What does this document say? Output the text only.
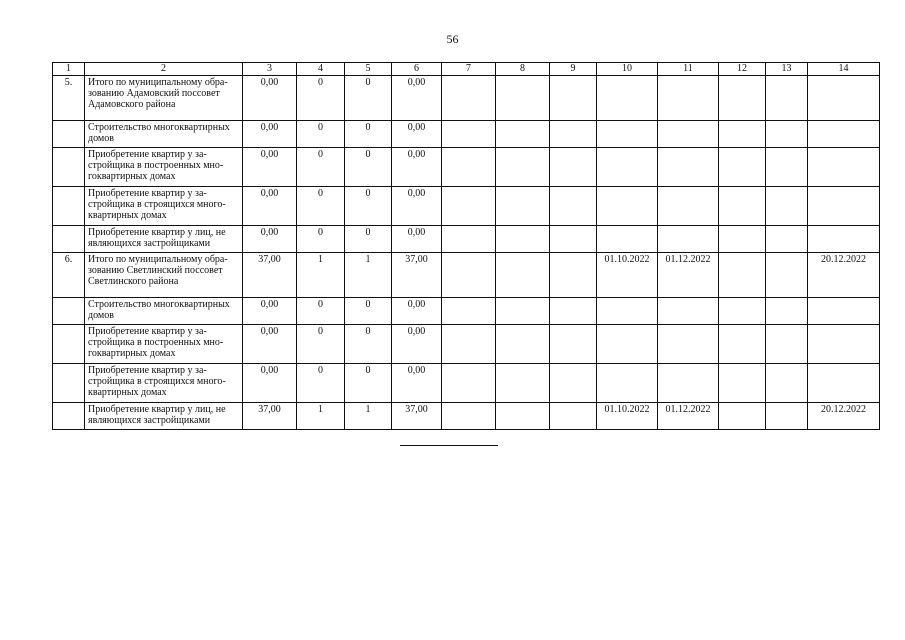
56
1	2	3	4	5	6	7	8	9	10	11	12	13	14
5.	Итого по муниципальному обра-зованию Адамовский поссовет Адамовского района	0,00	0	0	0,00								
	Строительство многоквартирных домов	0,00	0	0	0,00								
	Приобретение квартир у за-стройщика в построенных мно-гоквартирных домах	0,00	0	0	0,00								
	Приобретение квартир у за-стройщика в строящихся много-квартирных домах	0,00	0	0	0,00								
	Приобретение квартир у лиц, не являющихся застройщиками	0,00	0	0	0,00								
6.	Итого по муниципальному обра-зованию Светлинский поссовет Светлинского района	37,00	1	1	37,00				01.10.2022	01.12.2022			20.12.2022
	Строительство многоквартирных домов	0,00	0	0	0,00								
	Приобретение квартир у за-стройщика в построенных мно-гоквартирных домах	0,00	0	0	0,00								
	Приобретение квартир у за-стройщика в строящихся много-квартирных домах	0,00	0	0	0,00								
	Приобретение квартир у лиц, не являющихся застройщиками	37,00	1	1	37,00				01.10.2022	01.12.2022			20.12.2022
